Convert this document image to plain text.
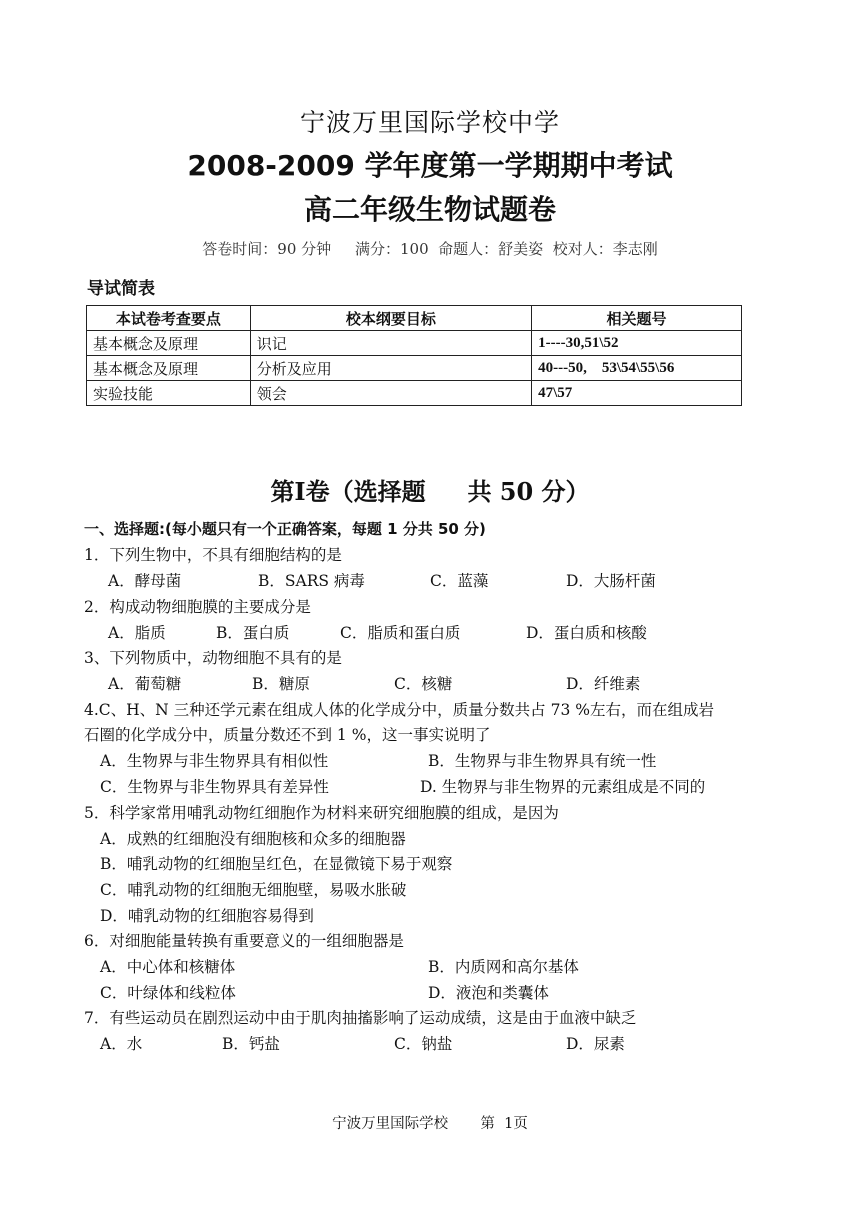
宁波万里国际学校中学
2008-2009 学年度第一学期期中考试
高二年级生物试题卷
答卷时间：90 分钟     满分：100  命题人：舒美姿  校对人：李志刚
导试简表
本试卷考查要点	校本纲要目标	相关题号
基本概念及原理	识记	1----30,51\52
基本概念及原理	分析及应用	40---50,    53\54\55\56
实验技能	领会	47\57
第Ⅰ卷（选择题     共 50 分）
一、选择题:(每小题只有一个正确答案，每题 1 分共 50 分)
1．下列生物中，不具有细胞结构的是
A．酵母菌	B．SARS 病毒	C．蓝藻	D．大肠杆菌
2．构成动物细胞膜的主要成分是
A．脂质	B．蛋白质	C．脂质和蛋白质	D．蛋白质和核酸
3、下列物质中，动物细胞不具有的是
A．葡萄糖	B．糖原	C．核糖	D．纤维素
4.C、H、N 三种还学元素在组成人体的化学成分中，质量分数共占 73 %左右，而在组成岩
石圈的化学成分中，质量分数还不到 1 %，这一事实说明了
A．生物界与非生物界具有相似性	B．生物界与非生物界具有统一性
C．生物界与非生物界具有差异性	D. 生物界与非生物界的元素组成是不同的
5．科学家常用哺乳动物红细胞作为材料来研究细胞膜的组成，是因为
A．成熟的红细胞没有细胞核和众多的细胞器
B．哺乳动物的红细胞呈红色，在显微镜下易于观察
C．哺乳动物的红细胞无细胞壁，易吸水胀破
D．哺乳动物的红细胞容易得到
6．对细胞能量转换有重要意义的一组细胞器是
A．中心体和核糖体	B．内质网和高尔基体
C．叶绿体和线粒体	D．液泡和类囊体
7．有些运动员在剧烈运动中由于肌肉抽搐影响了运动成绩，这是由于血液中缺乏
A．水	B．钙盐	C．钠盐	D．尿素
宁波万里国际学校       第  1页
